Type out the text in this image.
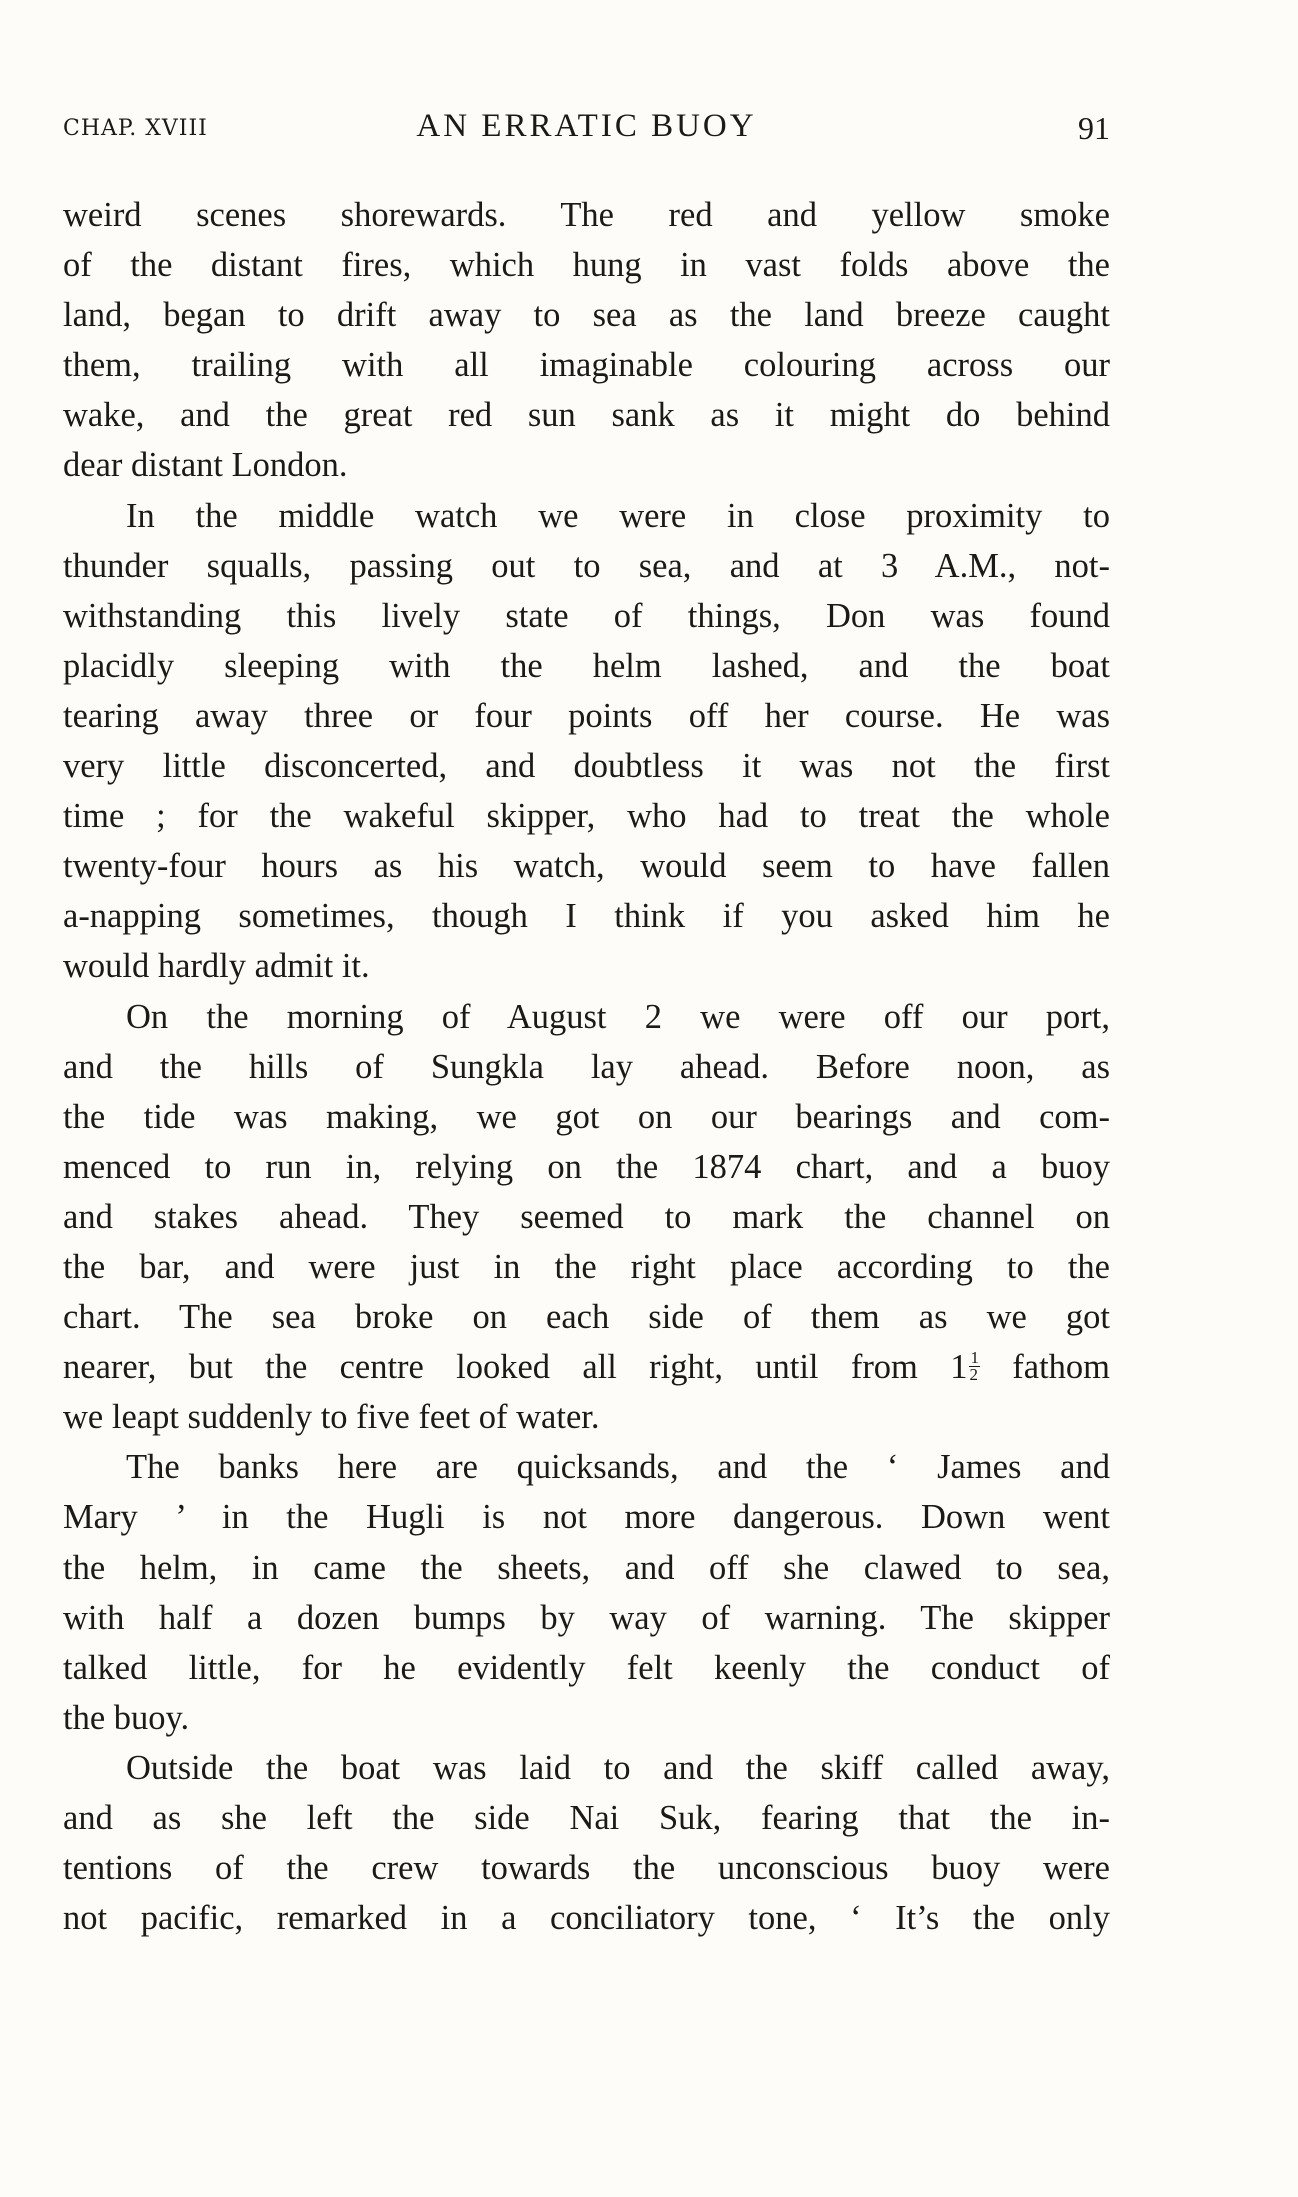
CHAP. XVIII	AN ERRATIC BUOY	91
weird scenes shorewards. The red and yellow smoke
of the distant fires, which hung in vast folds above the
land, began to drift away to sea as the land breeze caught
them, trailing with all imaginable colouring across our
wake, and the great red sun sank as it might do behind
dear distant London.
In the middle watch we were in close proximity to
thunder squalls, passing out to sea, and at 3 A.M., not-
withstanding this lively state of things, Don was found
placidly sleeping with the helm lashed, and the boat
tearing away three or four points off her course. He was
very little disconcerted, and doubtless it was not the first
time ; for the wakeful skipper, who had to treat the whole
twenty-four hours as his watch, would seem to have fallen
a-napping sometimes, though I think if you asked him he
would hardly admit it.
On the morning of August 2 we were off our port,
and the hills of Sungkla lay ahead. Before noon, as
the tide was making, we got on our bearings and com-
menced to run in, relying on the 1874 chart, and a buoy
and stakes ahead. They seemed to mark the channel on
the bar, and were just in the right place according to the
chart. The sea broke on each side of them as we got
nearer, but the centre looked all right, until from $1 \frac{1}{2}$ fathom
we leapt suddenly to five feet of water.
The banks here are quicksands, and the ‘ James and
Mary ’ in the Hugli is not more dangerous. Down went
the helm, in came the sheets, and off she clawed to sea,
with half a dozen bumps by way of warning. The skipper
talked little, for he evidently felt keenly the conduct of
the buoy.
Outside the boat was laid to and the skiff called away,
and as she left the side Nai Suk, fearing that the in-
tentions of the crew towards the unconscious buoy were
not pacific, remarked in a conciliatory tone, ‘ It’s the only
